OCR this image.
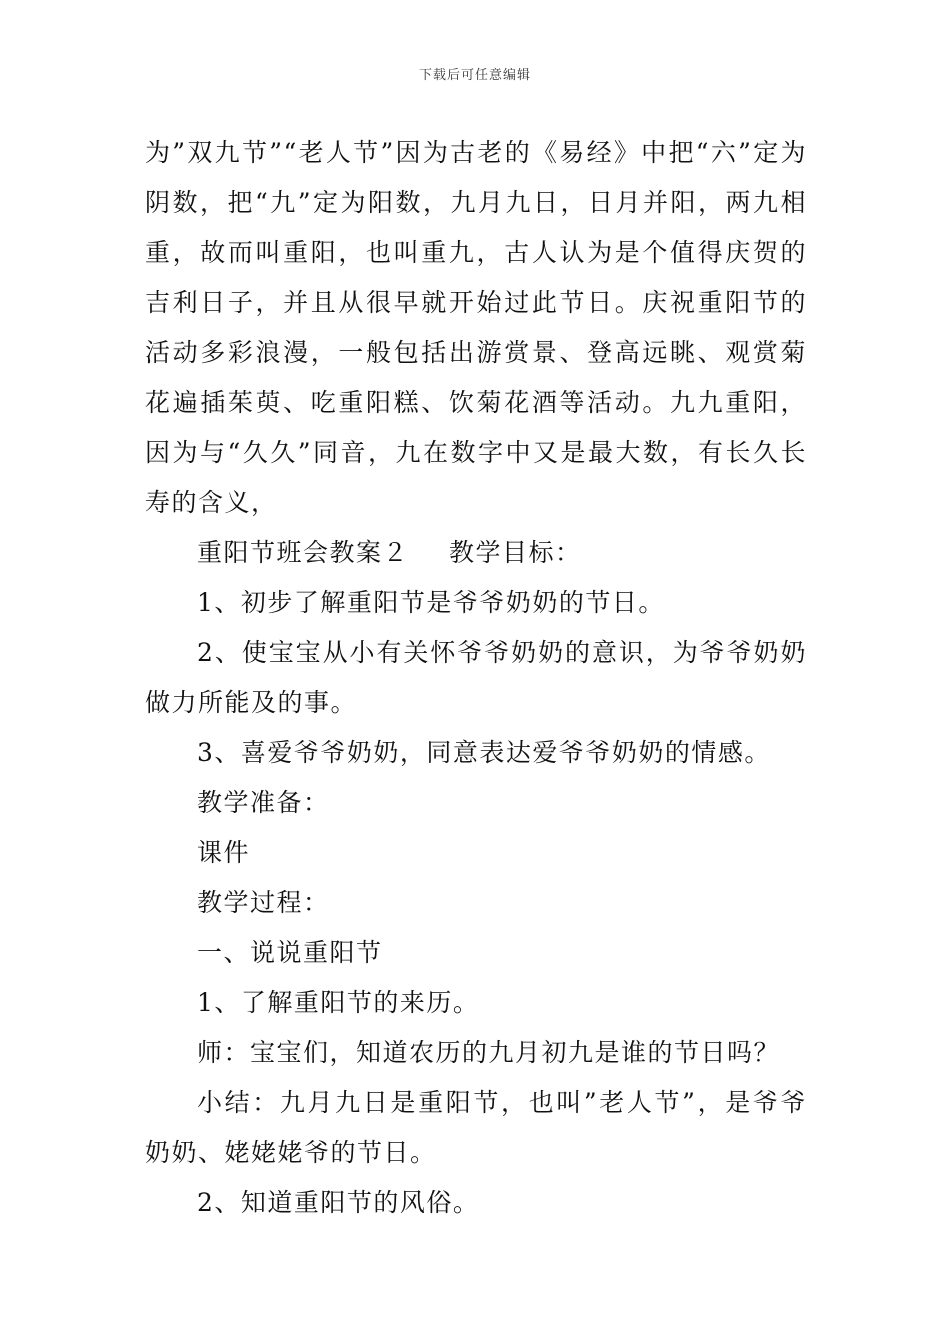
下载后可任意编辑

为”双九节”“老人节”因为古老的《易经》中把“六”定为阴数，把“九”定为阳数，九月九日，日月并阳，两九相重，故而叫重阳，也叫重九，古人认为是个值得庆贺的吉利日子，并且从很早就开始过此节日。庆祝重阳节的活动多彩浪漫，一般包括出游赏景、登高远眺、观赏菊花遍插茱萸、吃重阳糕、饮菊花酒等活动。九九重阳，因为与“久久”同音，九在数字中又是最大数，有长久长寿的含义，

重阳节班会教案２ 教学目标：

1、初步了解重阳节是爷爷奶奶的节日。

2、使宝宝从小有关怀爷爷奶奶的意识，为爷爷奶奶做力所能及的事。

3、喜爱爷爷奶奶，同意表达爱爷爷奶奶的情感。

教学准备：

课件

教学过程：

一、说说重阳节

1、了解重阳节的来历。

师：宝宝们，知道农历的九月初九是谁的节日吗？

小结：九月九日是重阳节，也叫”老人节”，是爷爷奶奶、姥姥姥爷的节日。

2、知道重阳节的风俗。
